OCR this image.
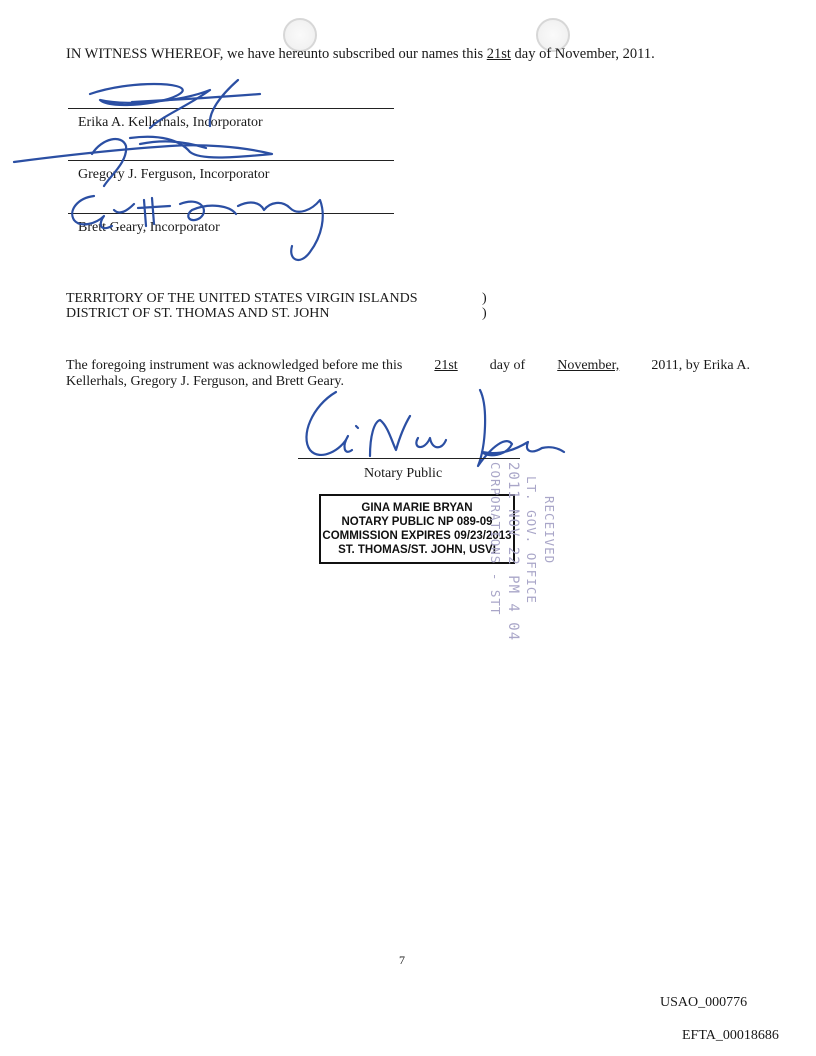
IN WITNESS WHEREOF, we have hereunto subscribed our names this 21st day of November, 2011.
Erika A. Kellerhals, Incorporator
Gregory J. Ferguson, Incorporator
Brett Geary, Incorporator
TERRITORY OF THE UNITED STATES VIRGIN ISLANDS	)
DISTRICT OF ST. THOMAS AND ST. JOHN	)
The foregoing instrument was acknowledged before me this 21st day of November, 2011, by Erika A.
Kellerhals, Gregory J. Ferguson, and Brett Geary.
Notary Public
GINA MARIE BRYAN
NOTARY PUBLIC NP 089-09
COMMISSION EXPIRES 09/23/2013
ST. THOMAS/ST. JOHN, USVI	RECEIVED
LT. GOV. OFFICE
2011 NOV 22 PM 4 04
CORPORATIONS - STT
7
USAO_000776
EFTA_00018686
